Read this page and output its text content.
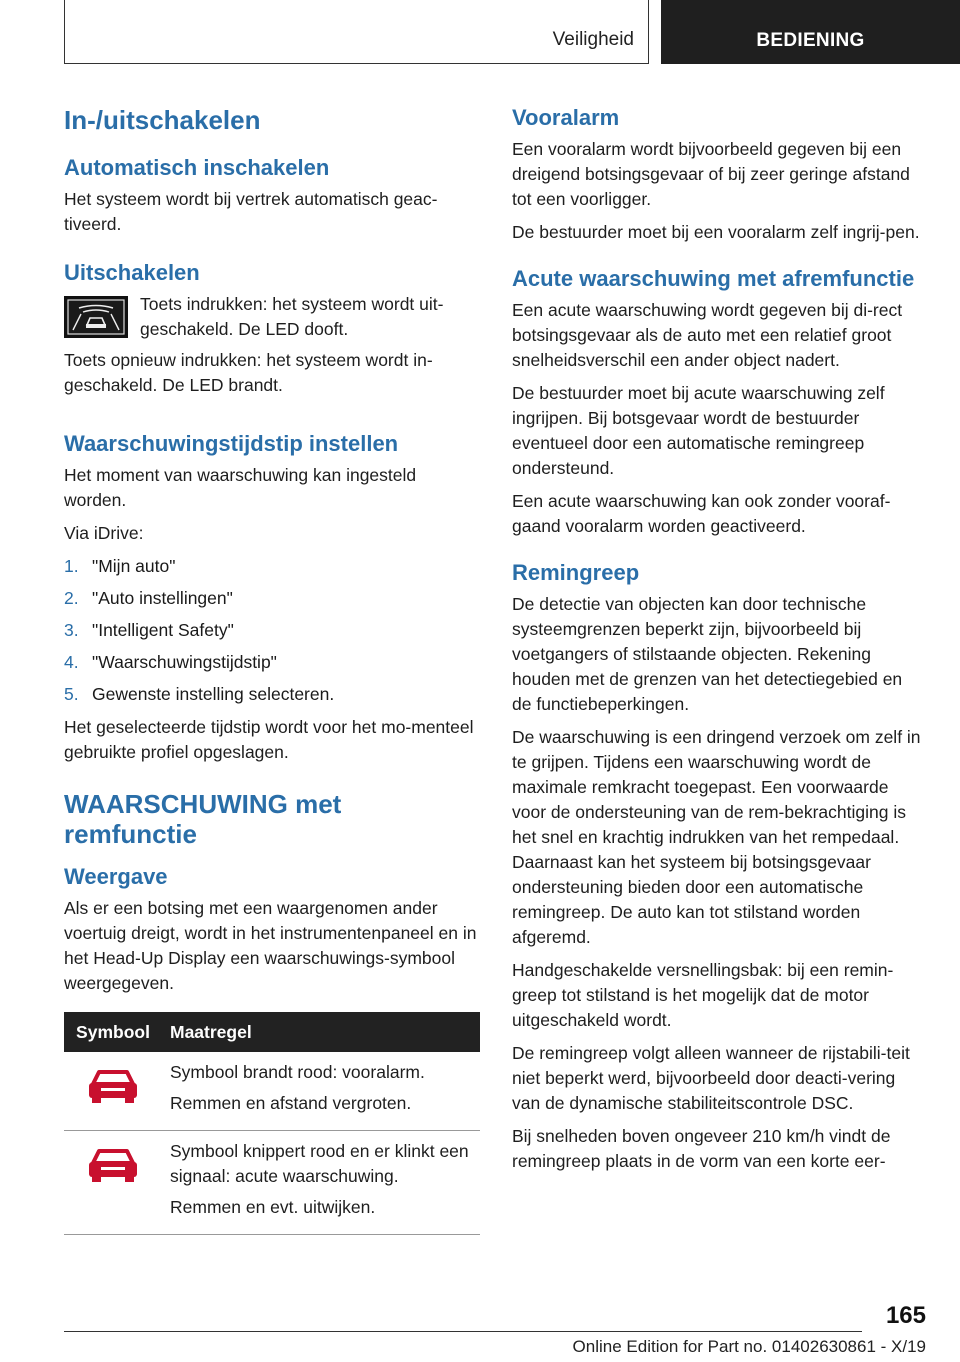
Veiligheid	BEDIENING
In-/uitschakelen
Automatisch inschakelen

Het systeem wordt bij vertrek automatisch geac‐tiveerd.

Uitschakelen

Toets indrukken: het systeem wordt uit‐geschakeld. De LED dooft.

Toets opnieuw indrukken: het systeem wordt in‐geschakeld. De LED brandt.

Waarschuwingstijdstip instellen

Het moment van waarschuwing kan ingesteld worden.

Via iDrive:

1. "Mijn auto"
2. "Auto instellingen"
3. "Intelligent Safety"
4. "Waarschuwingstijdstip"
5. Gewenste instelling selecteren.

Het geselecteerde tijdstip wordt voor het mo‐menteel gebruikte profiel opgeslagen.

WAARSCHUWING met remfunctie
Weergave

Als er een botsing met een waargenomen ander voertuig dreigt, wordt in het instrumentenpaneel en in het Head-Up Display een waarschuwings‐symbool weergegeven.

Symbool	Maatregel

Symbool brandt rood: vooralarm.

Remmen en afstand vergroten.

Symbool knippert rood en er klinkt een signaal: acute waarschuwing.

Remmen en evt. uitwijken.

Vooralarm

Een vooralarm wordt bijvoorbeeld gegeven bij een dreigend botsingsgevaar of bij zeer geringe afstand tot een voorligger.

De bestuurder moet bij een vooralarm zelf ingrij‐pen.

Acute waarschuwing met afremfunctie

Een acute waarschuwing wordt gegeven bij di‐rect botsingsgevaar als de auto met een relatief groot snelheidsverschil een ander object nadert.

De bestuurder moet bij acute waarschuwing zelf ingrijpen. Bij botsgevaar wordt de bestuurder eventueel door een automatische remingreep ondersteund.

Een acute waarschuwing kan ook zonder vooraf‐gaand vooralarm worden geactiveerd.

Remingreep

De detectie van objecten kan door technische systeemgrenzen beperkt zijn, bijvoorbeeld bij voetgangers of stilstaande objecten. Rekening houden met de grenzen van het detectiegebied en de functiebeperkingen.

De waarschuwing is een dringend verzoek om zelf in te grijpen. Tijdens een waarschuwing wordt de maximale remkracht toegepast. Een voorwaarde voor de ondersteuning van de rem‐bekrachtiging is het snel en krachtig indrukken van het rempedaal. Daarnaast kan het systeem bij botsingsgevaar ondersteuning bieden door een automatische remingreep. De auto kan tot stilstand worden afgeremd.

Handgeschakelde versnellingsbak: bij een remin‐greep tot stilstand is het mogelijk dat de motor uitgeschakeld wordt.

De remingreep volgt alleen wanneer de rijstabili‐teit niet beperkt werd, bijvoorbeeld door deacti‐vering van de dynamische stabiliteitscontrole DSC.

Bij snelheden boven ongeveer 210 km/h vindt de remingreep plaats in de vorm van een korte eer‐

165
Online Edition for Part no. 01402630861 - X/19
